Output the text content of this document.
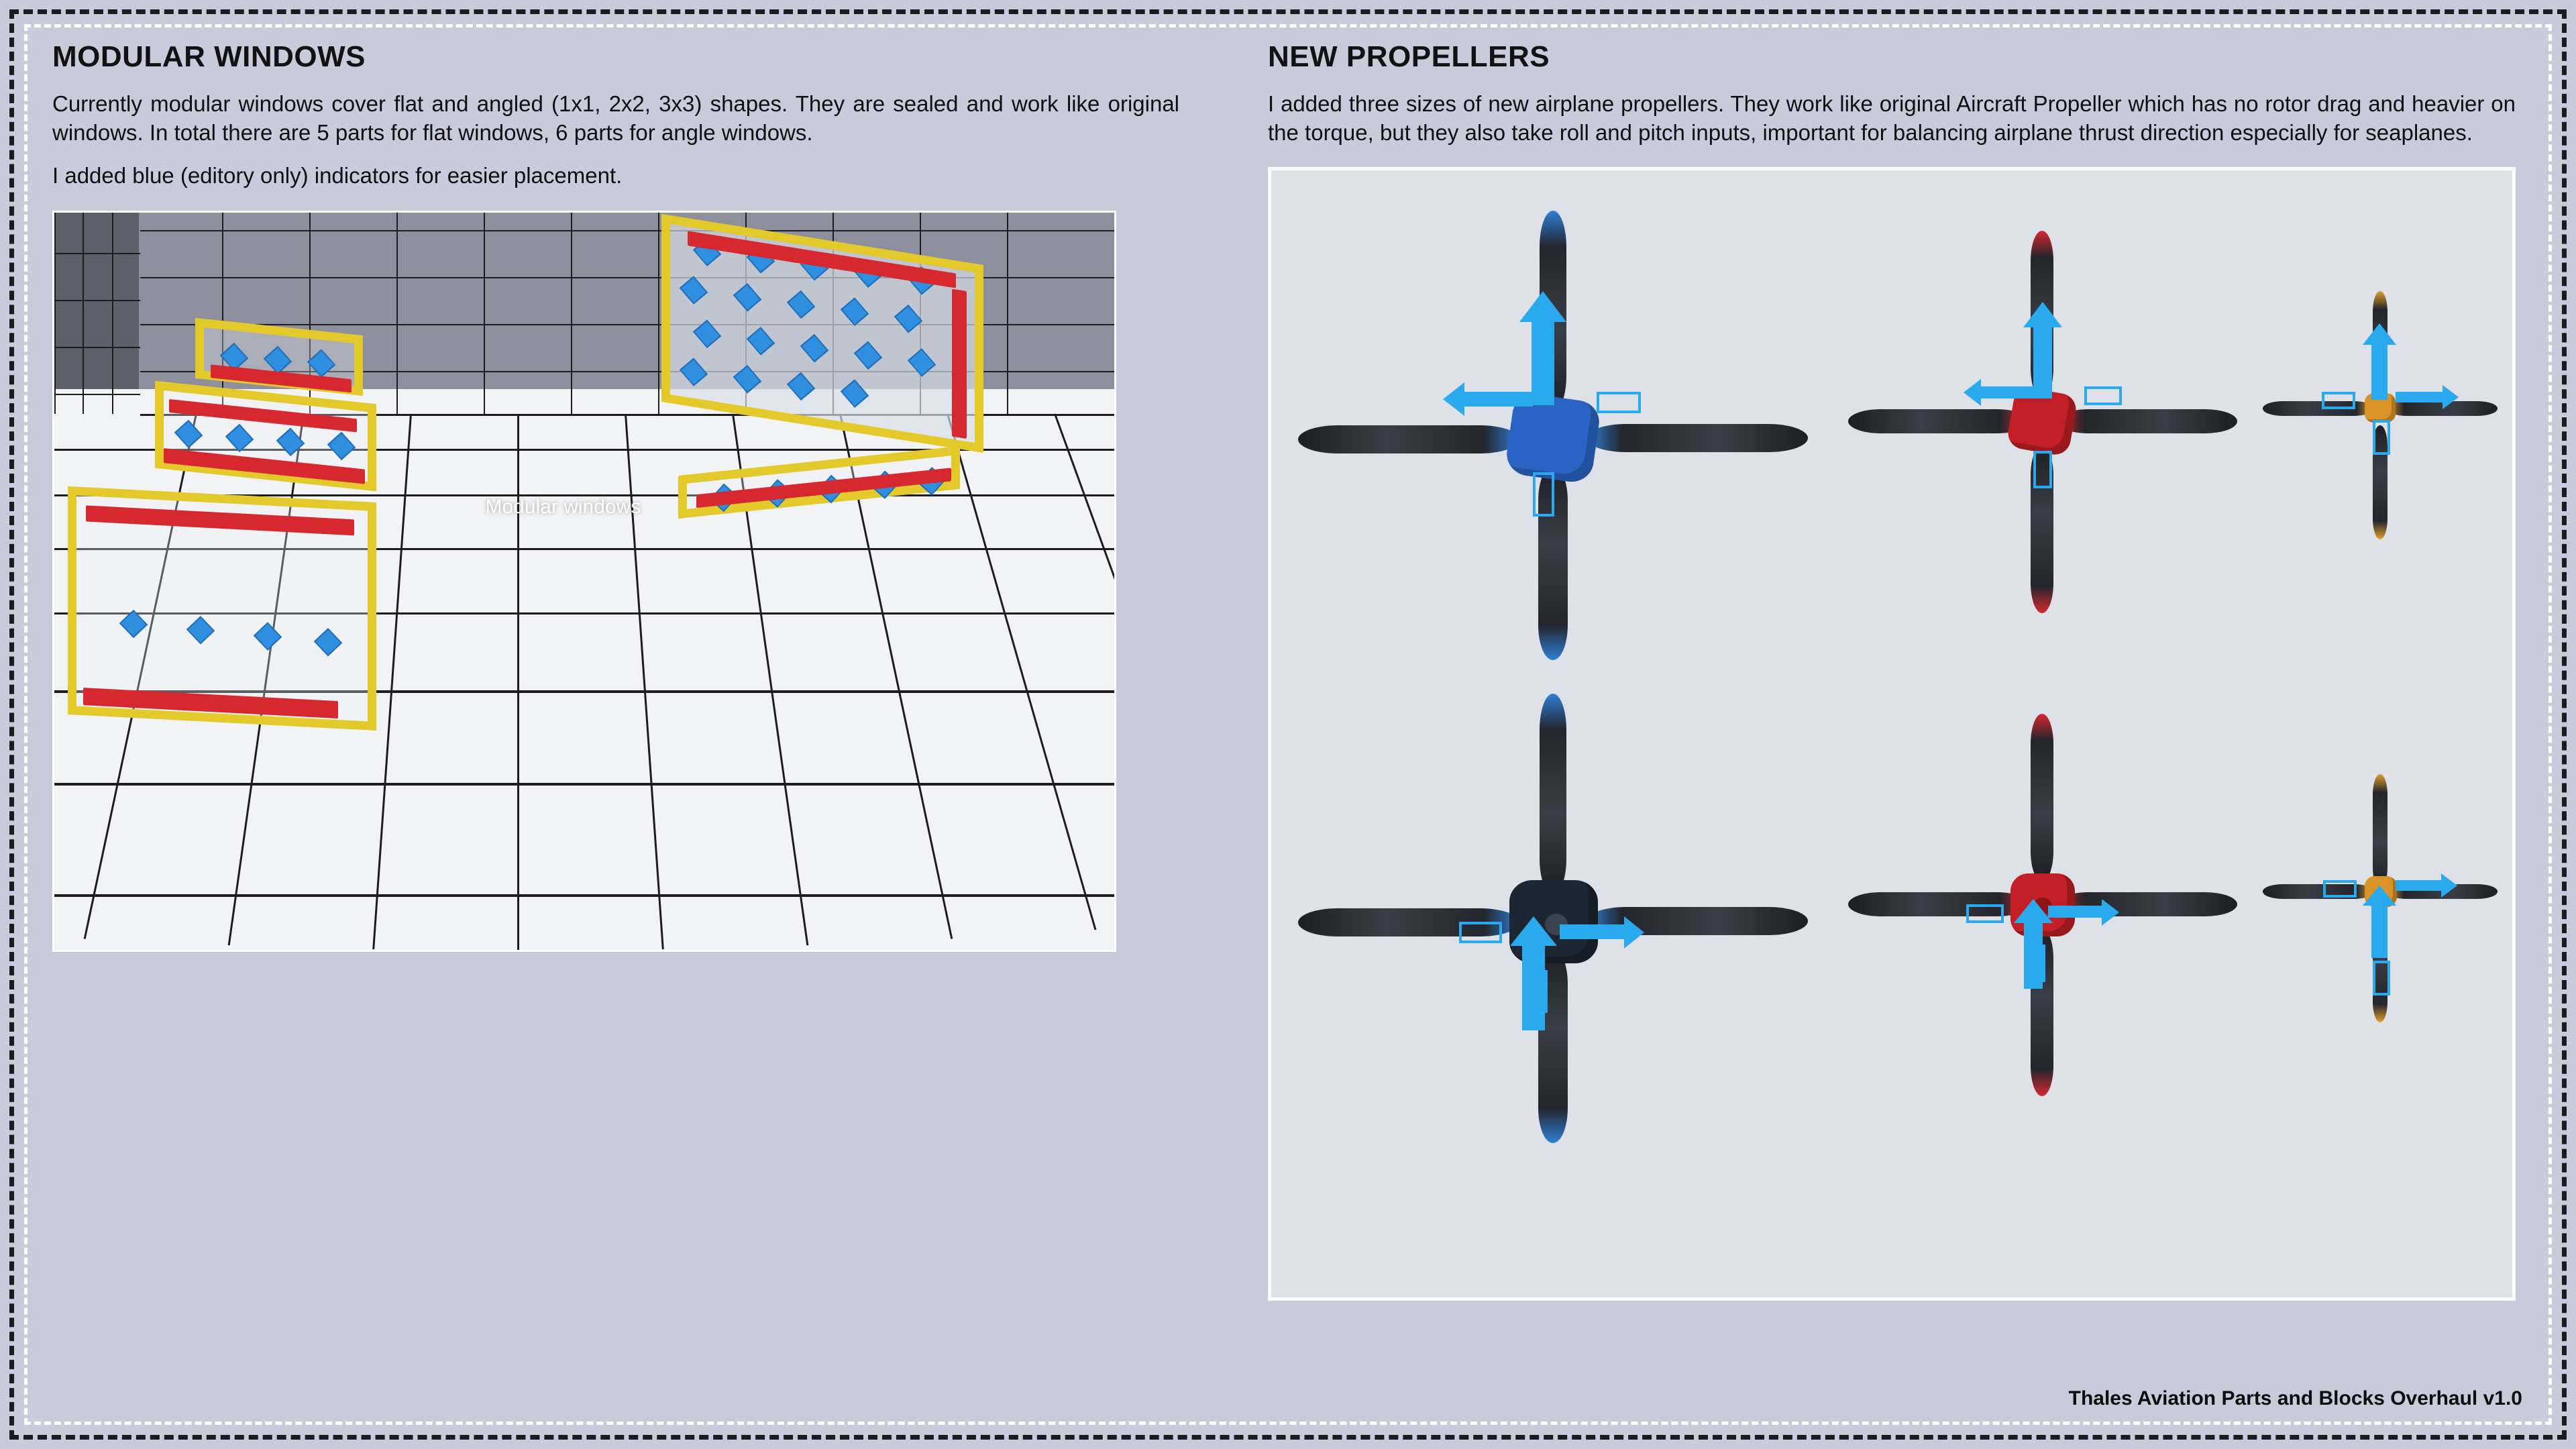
MODULAR WINDOWS

Currently modular windows cover flat and angled (1x1, 2x2, 3x3) shapes. They are sealed and work like original windows. In total there are 5 parts for flat windows, 6 parts for angle windows.

I added blue (editory only) indicators for easier placement.

Modular windows
NEW PROPELLERS

I added three sizes of new airplane propellers. They work like original Aircraft Propeller which has no rotor drag and heavier on the torque, but they also take roll and pitch inputs, important for balancing airplane thrust direction especially for seaplanes.

Thales Aviation Parts and Blocks Overhaul v1.0
